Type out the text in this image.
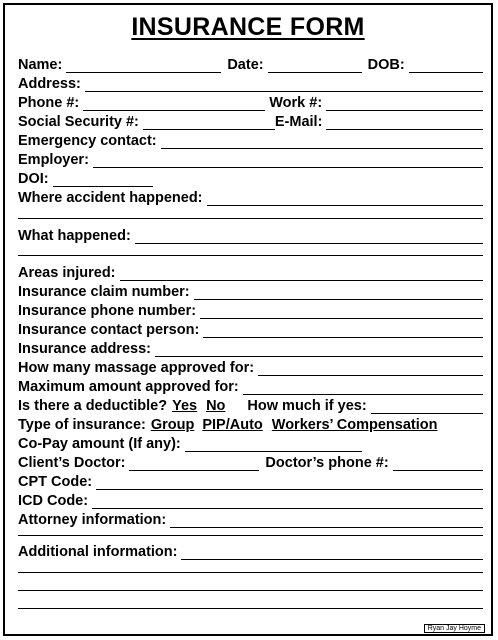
INSURANCE FORM
Name:	Date:	DOB:
Address:
Phone #:	Work #:
Social Security #:	E-Mail:
Emergency contact:
Employer:
DOI:
Where accident happened:
What happened:
Areas injured:
Insurance claim number:
Insurance phone number:
Insurance contact person:
Insurance address:
How many massage approved for:
Maximum amount approved for:
Is there a deductible? Yes No How much if yes:
Type of insurance: Group PIP/Auto Workers’ Compensation
Co-Pay amount (If any):
Client’s Doctor:	Doctor’s phone #:
CPT Code:
ICD Code:
Attorney information:
Additional information:
Ryan Jay Hoyme
